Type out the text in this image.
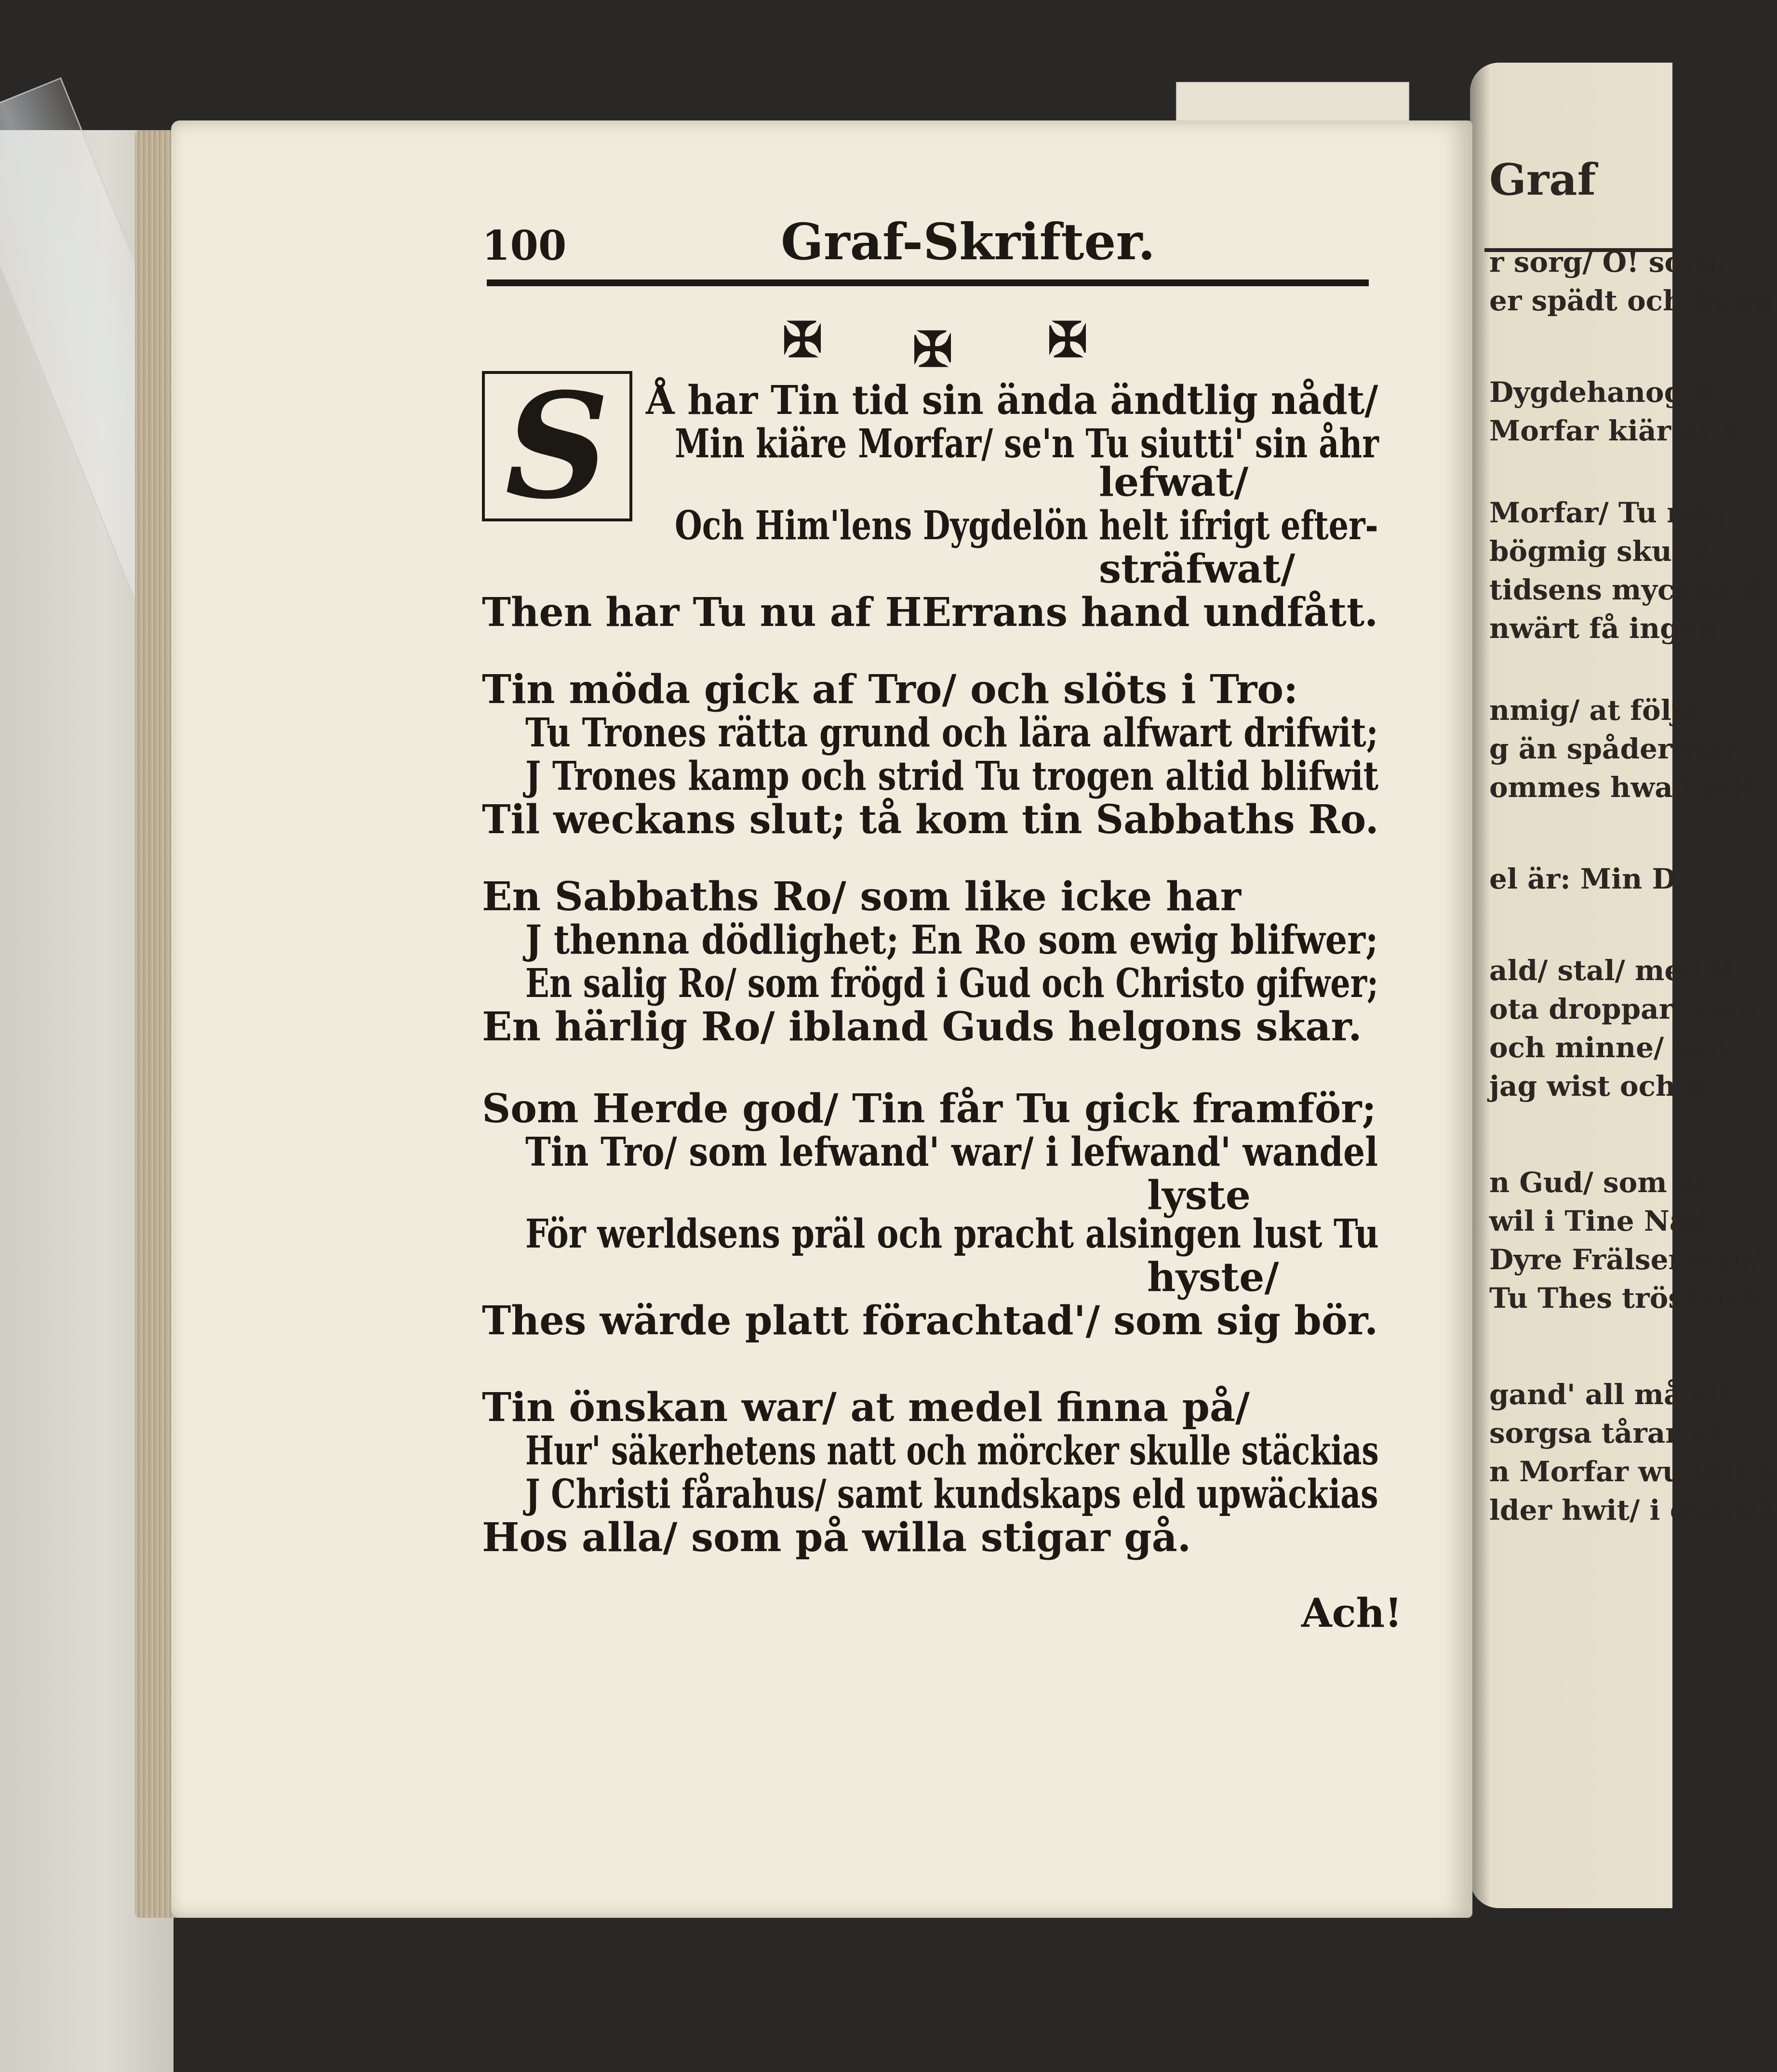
Graf
r sorg/ O! sorg/
er spädt och hung
Dygdehanog fl
Morfar kiär är t
Morfar/ Tu mig
bögmig skulle
tidsens myckna fl
nwärt få ingen
nmig/ at följa
g än spåder war
ommes hwad mit
el är: Min D
ald/ stal/ med R
ota droppar/ som
och minne/ san
jag wist och w
n Gud/ som är
wil i Tine Nåd
Dyre Frälserman/
Tu Thes tröst och
gand' all må sti
sorgsa tårar af
n Morfar wunnit h
lder hwit/ i ösörgå
100	Graf-Skrifter.
✠ ✠ ✠
S Å har Tin tid sin ända ändtlig nådt/
Min kiäre Morfar/ se'n Tu siutti' sin åhr
lefwat/
Och Him'lens Dygdelön helt ifrigt efter-
sträfwat/
Then har Tu nu af HErrans hand undfått.
Tin möda gick af Tro/ och slöts i Tro:
Tu Trones rätta grund och lära alfwart drifwit;
J Trones kamp och strid Tu trogen altid blifwit
Til weckans slut; tå kom tin Sabbaths Ro.
En Sabbaths Ro/ som like icke har
J thenna dödlighet; En Ro som ewig blifwer;
En salig Ro/ som frögd i Gud och Christo gifwer;
En härlig Ro/ ibland Guds helgons skar.
Som Herde god/ Tin får Tu gick framför;
Tin Tro/ som lefwand' war/ i lefwand' wandel
lyste
För werldsens präl och pracht alsingen lust Tu
hyste/
Thes wärde platt förachtad'/ som sig bör.
Tin önskan war/ at medel finna på/
Hur' säkerhetens natt och mörcker skulle stäckias
J Christi fårahus/ samt kundskaps eld upwäckias
Hos alla/ som på willa stigar gå.
Ach!
